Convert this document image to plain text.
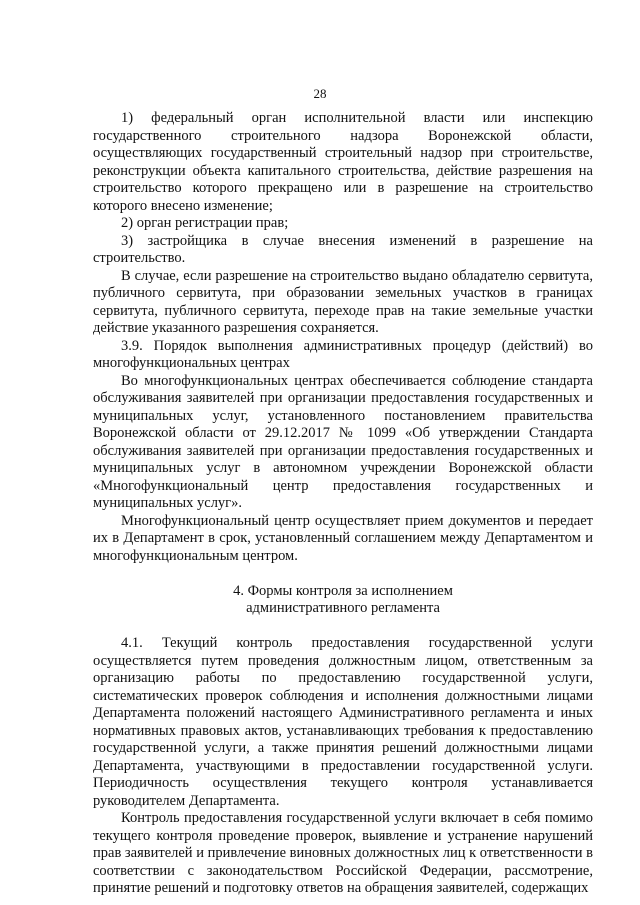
28

1) федеральный орган исполнительной власти или инспекцию государственного строительного надзора Воронежской области, осуществляющих государственный строительный надзор при строительстве, реконструкции объекта капитального строительства, действие разрешения на строительство которого прекращено или в разрешение на строительство которого внесено изменение;

2) орган регистрации прав;

3) застройщика в случае внесения изменений в разрешение на строительство.

В случае, если разрешение на строительство выдано обладателю сервитута, публичного сервитута, при образовании земельных участков в границах сервитута, публичного сервитута, переходе прав на такие земельные участки действие указанного разрешения сохраняется.

3.9. Порядок выполнения административных процедур (действий) во многофункциональных центрах

Во многофункциональных центрах обеспечивается соблюдение стандарта обслуживания заявителей при организации предоставления государственных и муниципальных услуг, установленного постановлением правительства Воронежской области от 29.12.2017 № 1099 «Об утверждении Стандарта обслуживания заявителей при организации предоставления государственных и муниципальных услуг в автономном учреждении Воронежской области «Многофункциональный центр предоставления государственных и муниципальных услуг».

Многофункциональный центр осуществляет прием документов и передает их в Департамент в срок, установленный соглашением между Департаментом и многофункциональным центром.

4. Формы контроля за исполнением
административного регламента

4.1. Текущий контроль предоставления государственной услуги осуществляется путем проведения должностным лицом, ответственным за организацию работы по предоставлению государственной услуги, систематических проверок соблюдения и исполнения должностными лицами Департамента положений настоящего Административного регламента и иных нормативных правовых актов, устанавливающих требования к предоставлению государственной услуги, а также принятия решений должностными лицами Департамента, участвующими в предоставлении государственной услуги. Периодичность осуществления текущего контроля устанавливается руководителем Департамента.

Контроль предоставления государственной услуги включает в себя помимо текущего контроля проведение проверок, выявление и устранение нарушений прав заявителей и привлечение виновных должностных лиц к ответственности в соответствии с законодательством Российской Федерации, рассмотрение, принятие решений и подготовку ответов на обращения заявителей, содержащих
